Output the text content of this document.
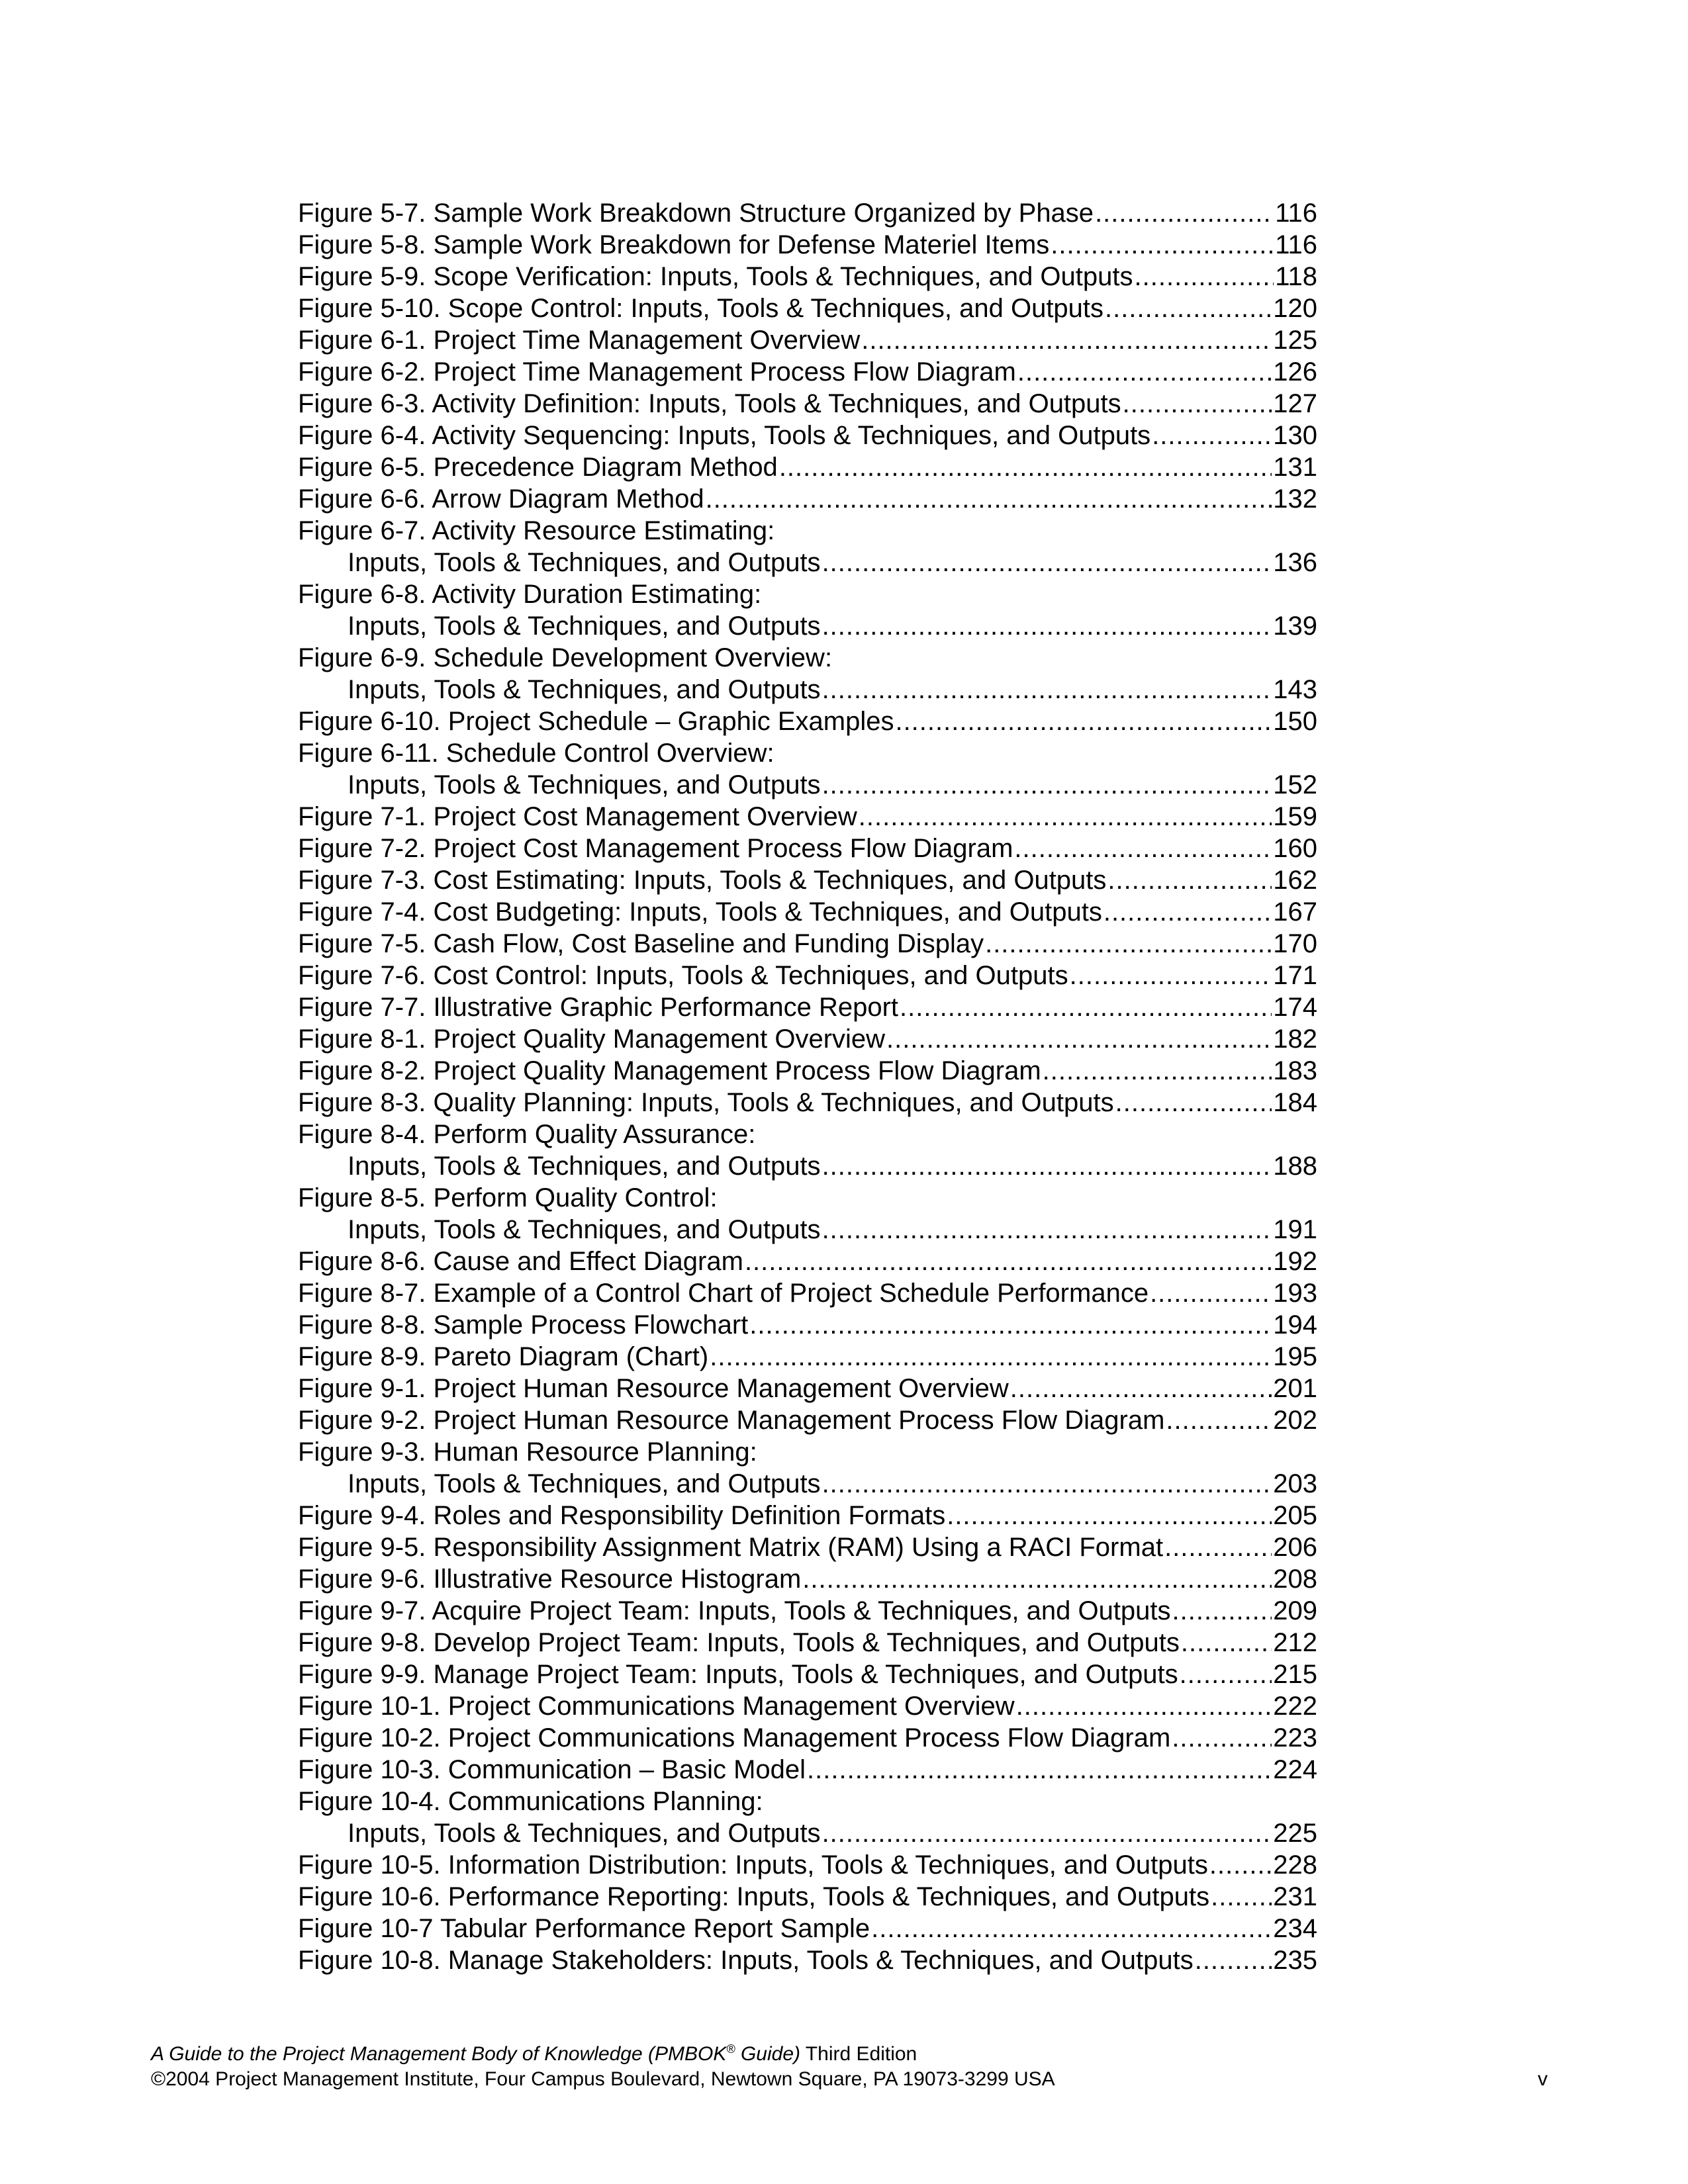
Figure 5-7. Sample Work Breakdown Structure Organized by Phase .....	116
Figure 5-8. Sample Work Breakdown for Defense Materiel Items .....	116
Figure 5-9. Scope Verification: Inputs, Tools & Techniques, and Outputs .....	118
Figure 5-10. Scope Control: Inputs, Tools & Techniques, and Outputs .....	120
Figure 6-1. Project Time Management Overview .....	125
Figure 6-2. Project Time Management Process Flow Diagram .....	126
Figure 6-3. Activity Definition: Inputs, Tools & Techniques, and Outputs .....	127
Figure 6-4. Activity Sequencing: Inputs, Tools & Techniques, and Outputs .....	130
Figure 6-5. Precedence Diagram Method .....	131
Figure 6-6. Arrow Diagram Method .....	132
Figure 6-7. Activity Resource Estimating:
Inputs, Tools & Techniques, and Outputs .....	136
Figure 6-8. Activity Duration Estimating:
Inputs, Tools & Techniques, and Outputs .....	139
Figure 6-9. Schedule Development Overview:
Inputs, Tools & Techniques, and Outputs .....	143
Figure 6-10. Project Schedule – Graphic Examples .....	150
Figure 6-11. Schedule Control Overview:
Inputs, Tools & Techniques, and Outputs .....	152
Figure 7-1. Project Cost Management Overview .....	159
Figure 7-2. Project Cost Management Process Flow Diagram .....	160
Figure 7-3. Cost Estimating: Inputs, Tools & Techniques, and Outputs .....	162
Figure 7-4. Cost Budgeting: Inputs, Tools & Techniques, and Outputs .....	167
Figure 7-5. Cash Flow, Cost Baseline and Funding Display .....	170
Figure 7-6. Cost Control: Inputs, Tools & Techniques, and Outputs .....	171
Figure 7-7. Illustrative Graphic Performance Report .....	174
Figure 8-1. Project Quality Management Overview .....	182
Figure 8-2. Project Quality Management Process Flow Diagram .....	183
Figure 8-3. Quality Planning: Inputs, Tools & Techniques, and Outputs .....	184
Figure 8-4. Perform Quality Assurance:
Inputs, Tools & Techniques, and Outputs .....	188
Figure 8-5. Perform Quality Control:
Inputs, Tools & Techniques, and Outputs .....	191
Figure 8-6. Cause and Effect Diagram .....	192
Figure 8-7. Example of a Control Chart of Project Schedule Performance .....	193
Figure 8-8. Sample Process Flowchart .....	194
Figure 8-9. Pareto Diagram (Chart) .....	195
Figure 9-1. Project Human Resource Management Overview .....	201
Figure 9-2. Project Human Resource Management Process Flow Diagram .....	202
Figure 9-3. Human Resource Planning:
Inputs, Tools & Techniques, and Outputs .....	203
Figure 9-4. Roles and Responsibility Definition Formats .....	205
Figure 9-5. Responsibility Assignment Matrix (RAM) Using a RACI Format .....	206
Figure 9-6. Illustrative Resource Histogram .....	208
Figure 9-7. Acquire Project Team: Inputs, Tools & Techniques, and Outputs .....	209
Figure 9-8. Develop Project Team: Inputs, Tools & Techniques, and Outputs .....	212
Figure 9-9. Manage Project Team: Inputs, Tools & Techniques, and Outputs .....	215
Figure 10-1. Project Communications Management Overview .....	222
Figure 10-2. Project Communications Management Process Flow Diagram .....	223
Figure 10-3. Communication – Basic Model .....	224
Figure 10-4. Communications Planning:
Inputs, Tools & Techniques, and Outputs .....	225
Figure 10-5. Information Distribution: Inputs, Tools & Techniques, and Outputs ..... 228
Figure 10-6. Performance Reporting: Inputs, Tools & Techniques, and Outputs ..... 231
Figure 10-7 Tabular Performance Report Sample .....	234
Figure 10-8. Manage Stakeholders: Inputs, Tools & Techniques, and Outputs .....	235
A Guide to the Project Management Body of Knowledge (PMBOK® Guide) Third Edition
©2004 Project Management Institute, Four Campus Boulevard, Newtown Square, PA 19073-3299 USA	v
